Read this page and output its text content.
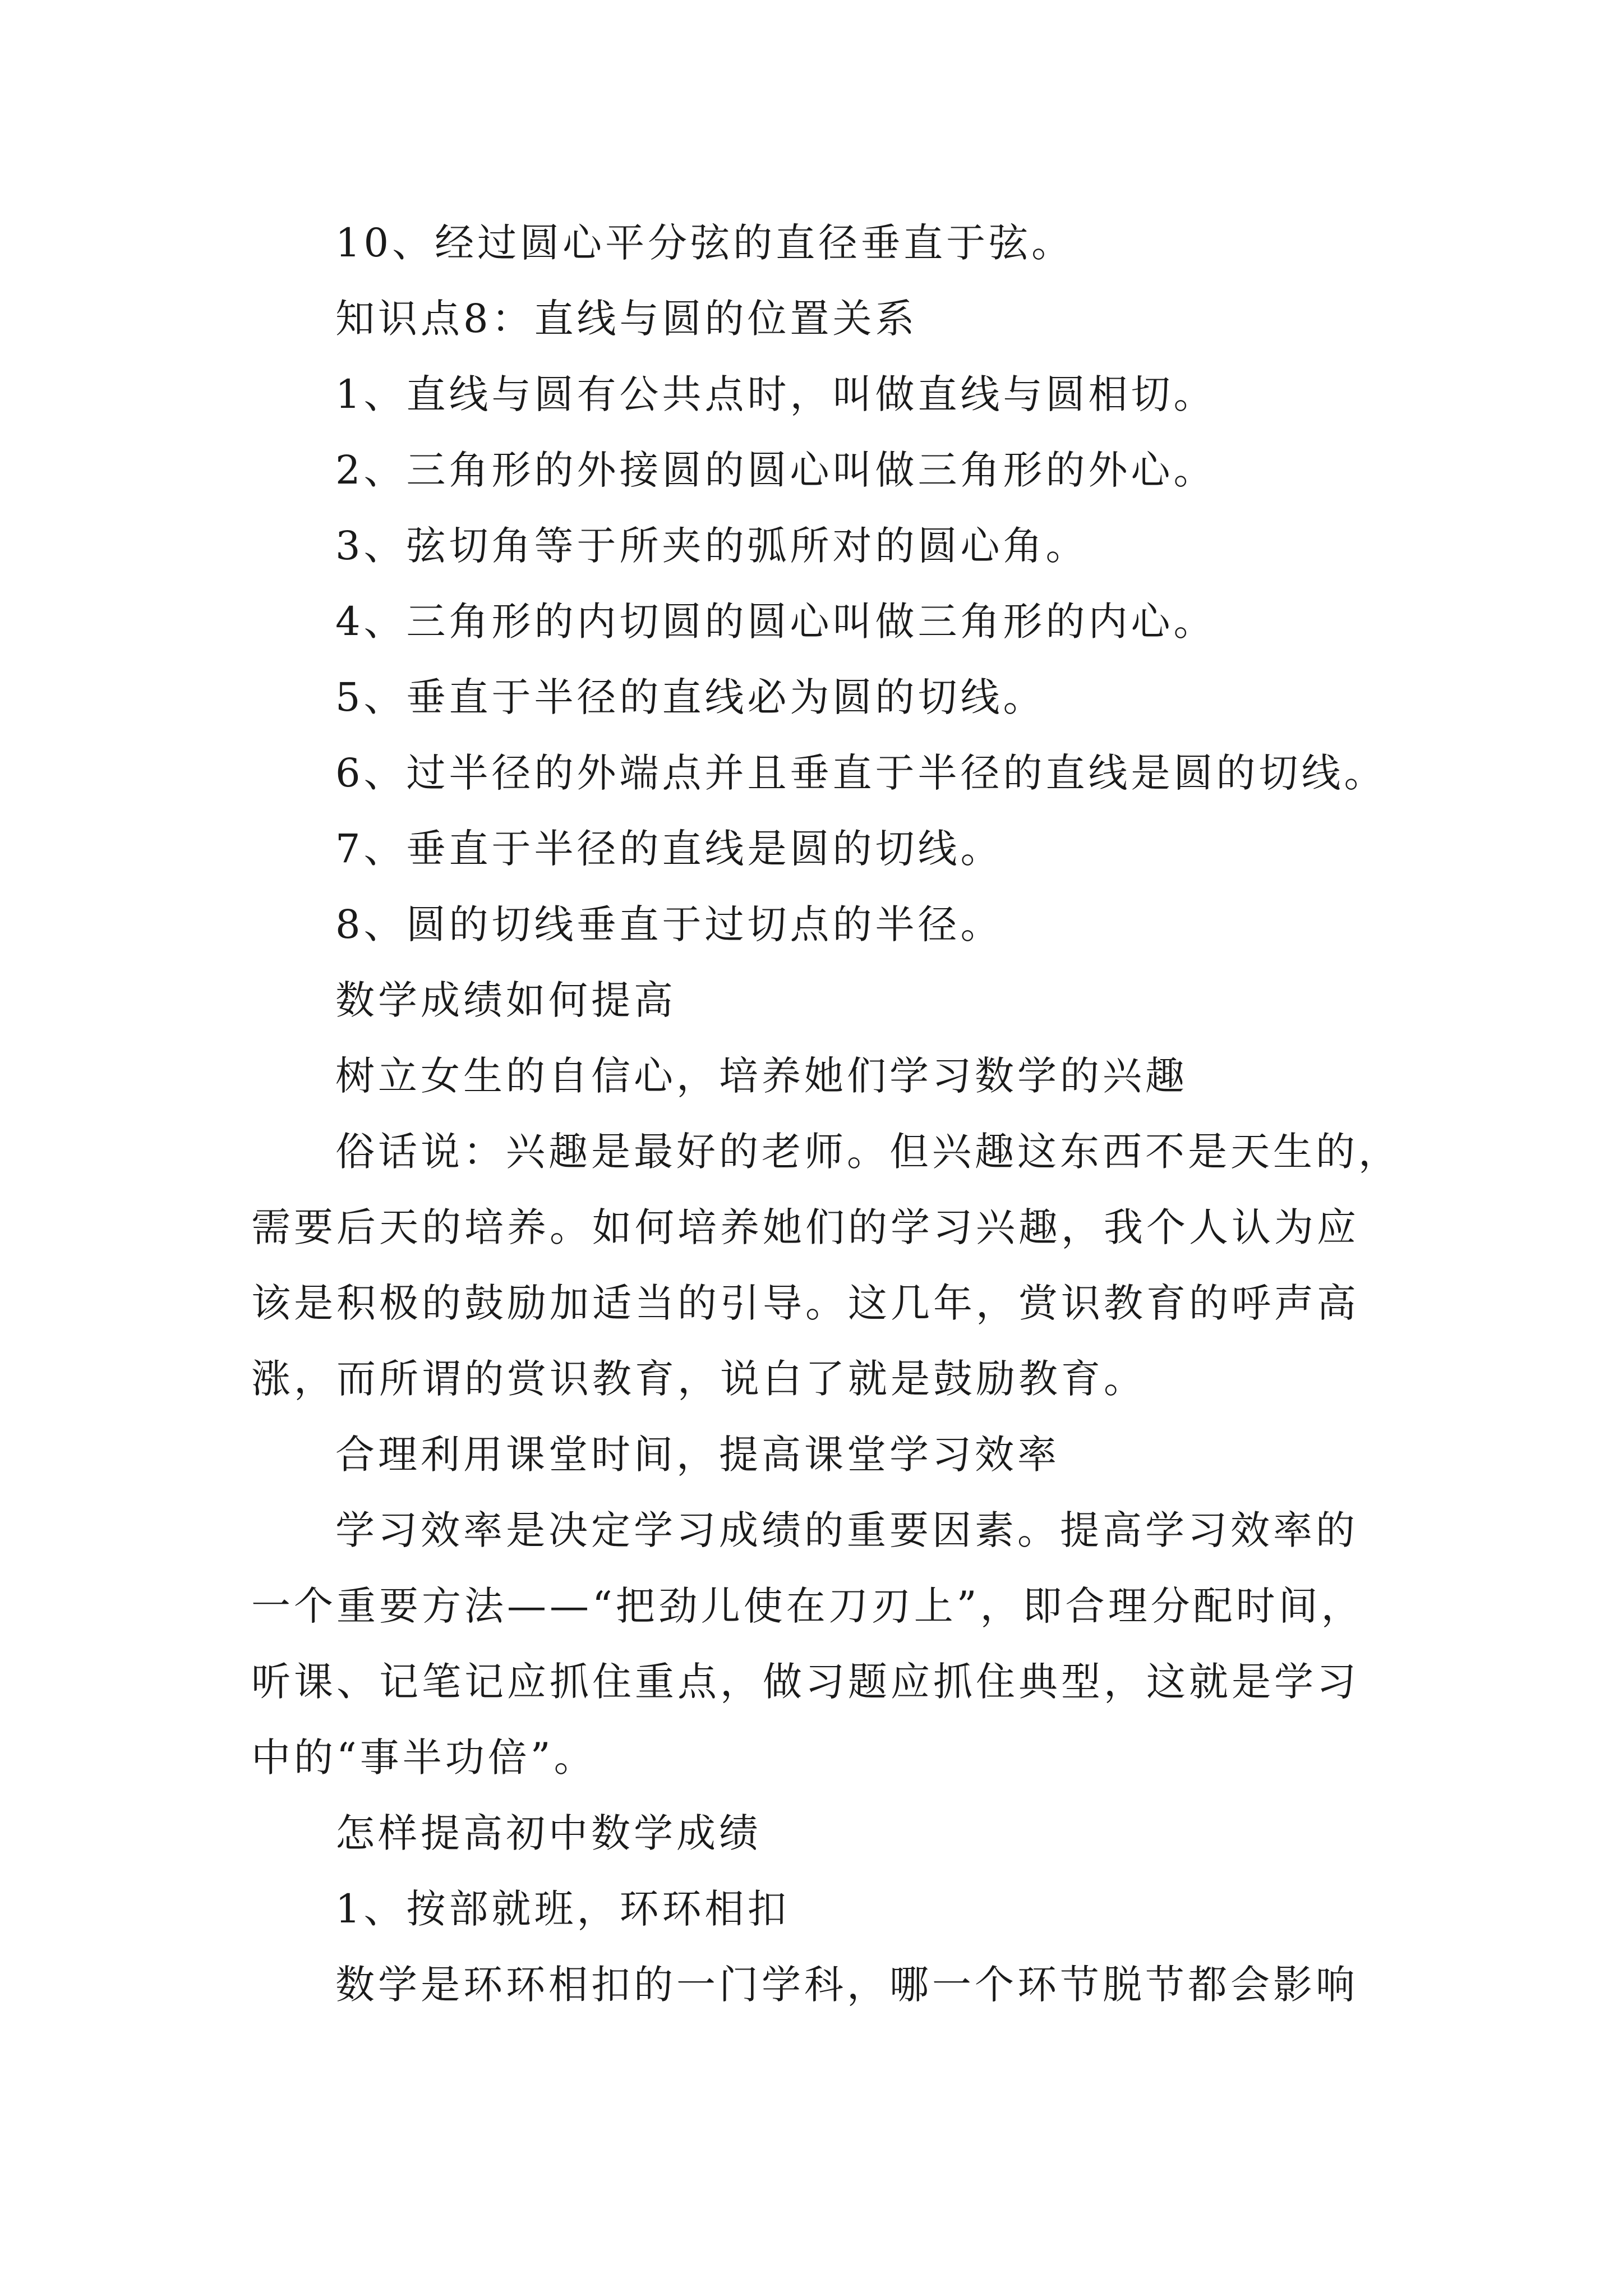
10、经过圆心平分弦的直径垂直于弦。
知识点8：直线与圆的位置关系
1、直线与圆有公共点时，叫做直线与圆相切。
2、三角形的外接圆的圆心叫做三角形的外心。
3、弦切角等于所夹的弧所对的圆心角。
4、三角形的内切圆的圆心叫做三角形的内心。
5、垂直于半径的直线必为圆的切线。
6、过半径的外端点并且垂直于半径的直线是圆的切线。
7、垂直于半径的直线是圆的切线。
8、圆的切线垂直于过切点的半径。
数学成绩如何提高
树立女生的自信心，培养她们学习数学的兴趣
俗话说：兴趣是最好的老师。但兴趣这东西不是天生的，
需要后天的培养。如何培养她们的学习兴趣，我个人认为应
该是积极的鼓励加适当的引导。这几年，赏识教育的呼声高
涨，而所谓的赏识教育，说白了就是鼓励教育。
合理利用课堂时间，提高课堂学习效率
学习效率是决定学习成绩的重要因素。提高学习效率的
一个重要方法——“把劲儿使在刀刃上”，即合理分配时间，
听课、记笔记应抓住重点，做习题应抓住典型，这就是学习
中的“事半功倍”。
怎样提高初中数学成绩
1、按部就班，环环相扣
数学是环环相扣的一门学科，哪一个环节脱节都会影响
